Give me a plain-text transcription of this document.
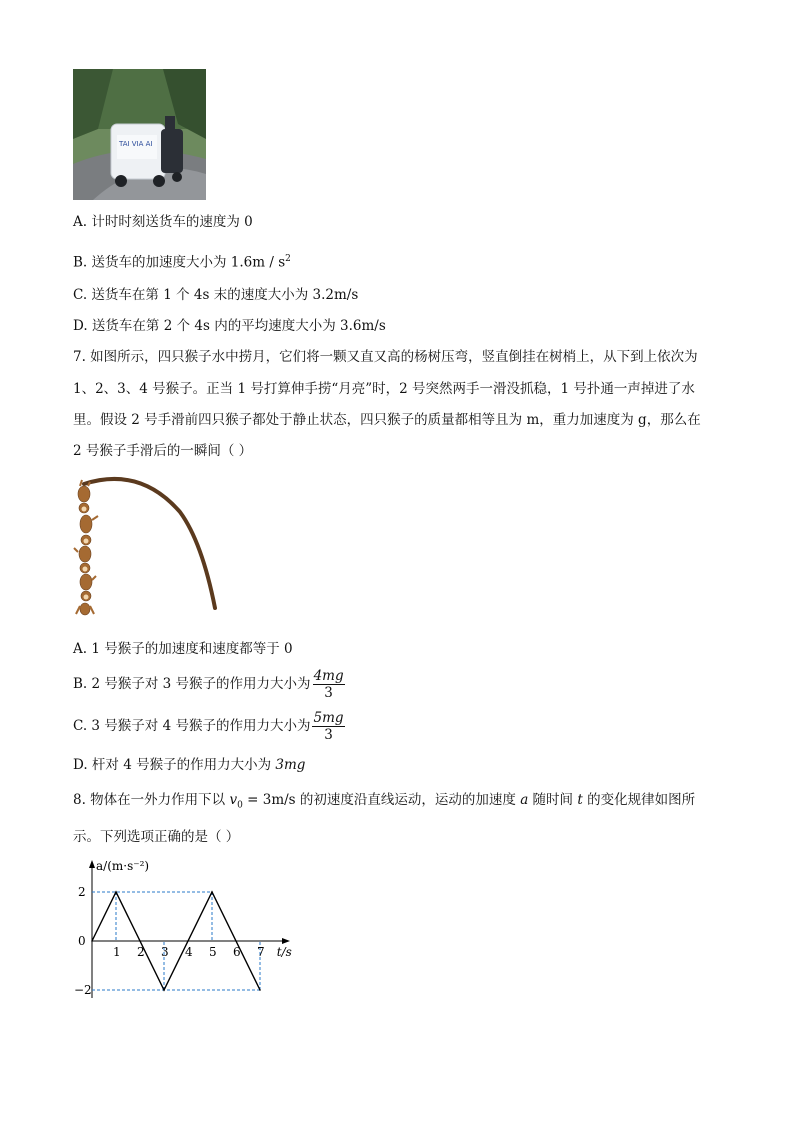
TAI VIA AI
A. 计时时刻送货车的速度为 0
B. 送货车的加速度大小为 $1.6m / s^2$
C. 送货车在第 1 个 4s 末的速度大小为 3.2m/s
D. 送货车在第 2 个 4s 内的平均速度大小为 3.6m/s
7. 如图所示，四只猴子水中捞月，它们将一颗又直又高的杨树压弯，竖直倒挂在树梢上，从下到上依次为
1、2、3、4 号猴子。正当 1 号打算伸手捞“月亮”时，2 号突然两手一滑没抓稳，1 号扑通一声掉进了水
里。假设 2 号手滑前四只猴子都处于静止状态，四只猴子的质量都相等且为 m，重力加速度为 g，那么在
2 号猴子手滑后的一瞬间（ ）
A. 1 号猴子的加速度和速度都等于 0
B. 2 号猴子对 3 号猴子的作用力大小为 $\frac{4mg}{3}$
C. 3 号猴子对 4 号猴子的作用力大小为 $\frac{5mg}{3}$
D. 杆对 4 号猴子的作用力大小为 3mg
8. 物体在一外力作用下以 $v_0 = 3m/s$ 的初速度沿直线运动，运动的加速度 a 随时间 t 的变化规律如图所
示。下列选项正确的是（ ）
1 2 3 4 5 6 7
2
0
−2
t/s
a/(m·s⁻²)
